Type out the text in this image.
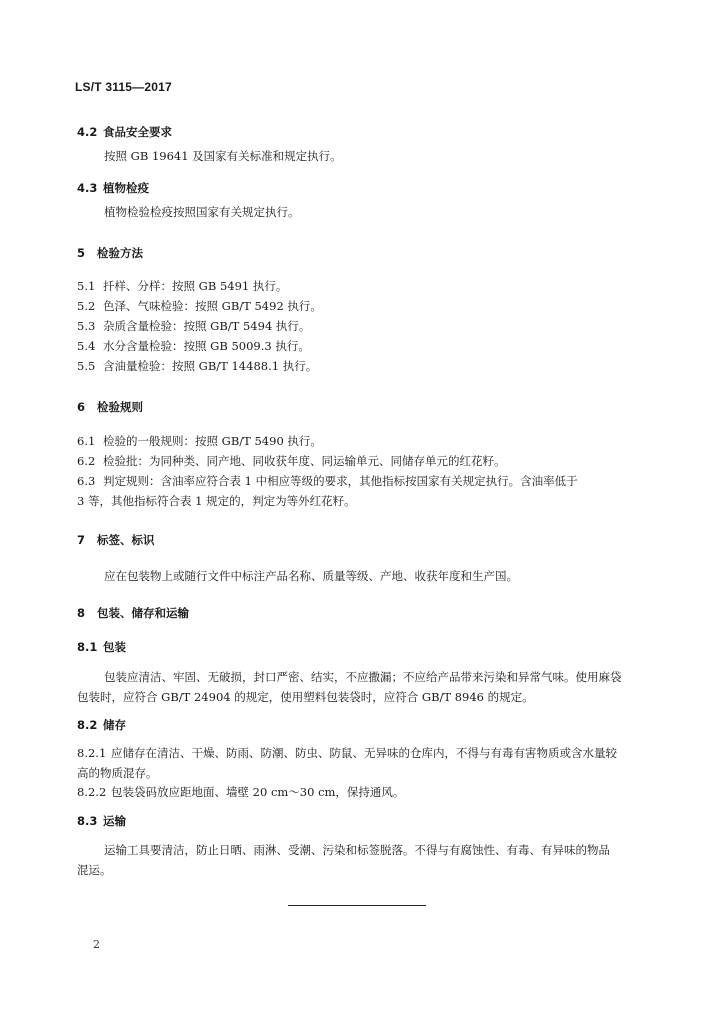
LS/T 3115—2017
4.2 食品安全要求
按照 GB 19641 及国家有关标准和规定执行。
4.3 植物检疫
植物检验检疫按照国家有关规定执行。
5 检验方法
5.1 扦样、分样：按照 GB 5491 执行。
5.2 色泽、气味检验：按照 GB/T 5492 执行。
5.3 杂质含量检验：按照 GB/T 5494 执行。
5.4 水分含量检验：按照 GB 5009.3 执行。
5.5 含油量检验：按照 GB/T 14488.1 执行。
6 检验规则
6.1 检验的一般规则：按照 GB/T 5490 执行。
6.2 检验批：为同种类、同产地、同收获年度、同运输单元、同储存单元的红花籽。
6.3 判定规则：含油率应符合表 1 中相应等级的要求，其他指标按国家有关规定执行。含油率低于
3 等，其他指标符合表 1 规定的，判定为等外红花籽。
7 标签、标识
应在包装物上或随行文件中标注产品名称、质量等级、产地、收获年度和生产国。
8 包装、储存和运输
8.1 包装
包装应清洁、牢固、无破损，封口严密、结实，不应撒漏；不应给产品带来污染和异常气味。使用麻袋
包装时，应符合 GB/T 24904 的规定，使用塑料包装袋时，应符合 GB/T 8946 的规定。
8.2 储存
8.2.1 应储存在清洁、干燥、防雨、防潮、防虫、防鼠、无异味的仓库内，不得与有毒有害物质或含水量较
高的物质混存。
8.2.2 包装袋码放应距地面、墙壁 20 cm～30 cm，保持通风。
8.3 运输
运输工具要清洁，防止日晒、雨淋、受潮、污染和标签脱落。不得与有腐蚀性、有毒、有异味的物品
混运。
2
